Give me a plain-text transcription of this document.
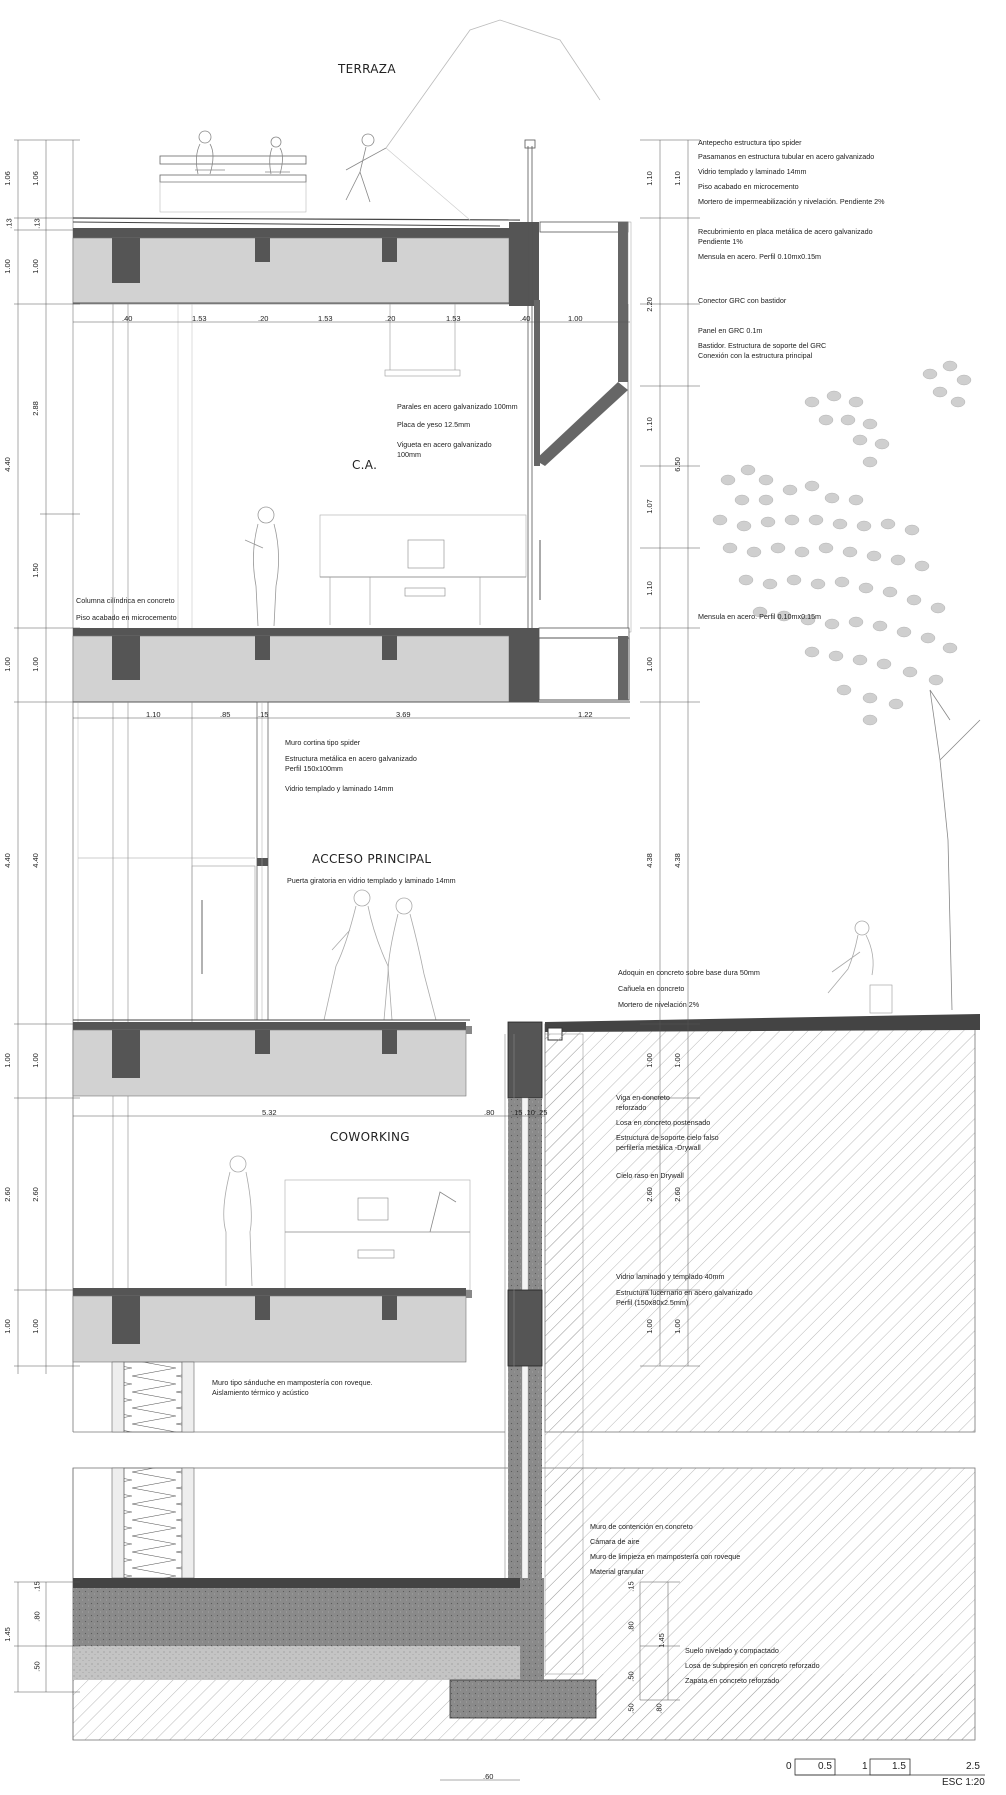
TERRAZA
C.A.
ACCESO PRINCIPAL
COWORKING
Antepecho estructura tipo spider
Pasamanos en estructura tubular en acero galvanizado
Vidrio templado y laminado 14mm
Piso acabado en microcemento
Mortero de impermeabilización y nivelación. Pendiente 2%
Recubrimiento en placa metálica de acero galvanizado
Pendiente 1%
Mensula en acero. Perfil 0.10mx0.15m
Conector GRC con bastidor
Panel en GRC 0.1m
Bastidor. Estructura de soporte del GRC
Conexión con la estructura principal
Parales en acero galvanizado 100mm
Placa de yeso 12.5mm
Vigueta en acero galvanizado
100mm
Columna cilíndrica en concreto
Piso acabado en microcemento	Mensula en acero. Perfil 0.10mx0.15m
Muro cortina tipo spider
Estructura metálica en acero galvanizado
Perfil 150x100mm
Vidrio templado y laminado 14mm
Puerta giratoria en vidrio templado y laminado 14mm
Adoquin en concreto sobre base dura 50mm
Cañuela en concreto
Mortero de nivelación 2%
Viga en concreto
reforzado
Losa en concreto postensado
Estructura de soporte cielo falso
perfilería metálica -Drywall
Cielo raso en Drywall
Vidrio laminado y templado 40mm
Estructura lucernario en acero galvanizado
Perfil (150x80x2.5mm)
Muro tipo sánduche en mampostería con roveque.
Aislamiento térmico y acústico
Muro de contención en concreto
Cámara de aire
Muro de limpieza en mampostería con roveque
Material granular
Suelo nivelado y compactado
Losa de subpresión en concreto reforzado
Zapata en concreto reforzado
.40	1.53	.20	1.53	.20	1.53	.40	1.00
1.10	.85	.15	3.69	1.22
5.32	.80 .15 .10 .25
.60
1.06	1.06
.13	.13
1.00	1.00
4.40
2.88
1.50
1.00	1.00
4.40	4.40
1.00	1.00
2.60	2.60
1.00	1.00
1.45
.15
.80
.50
1.10	1.10
2.20
1.10
6.50
1.07
1.10
1.00
4.38	4.38
1.00	1.00
2.60	2.60
1.00	1.00
.15
.80
1.45
.50
.50	.80
0	0.5	1 1.5	2.5
ESC 1:20
